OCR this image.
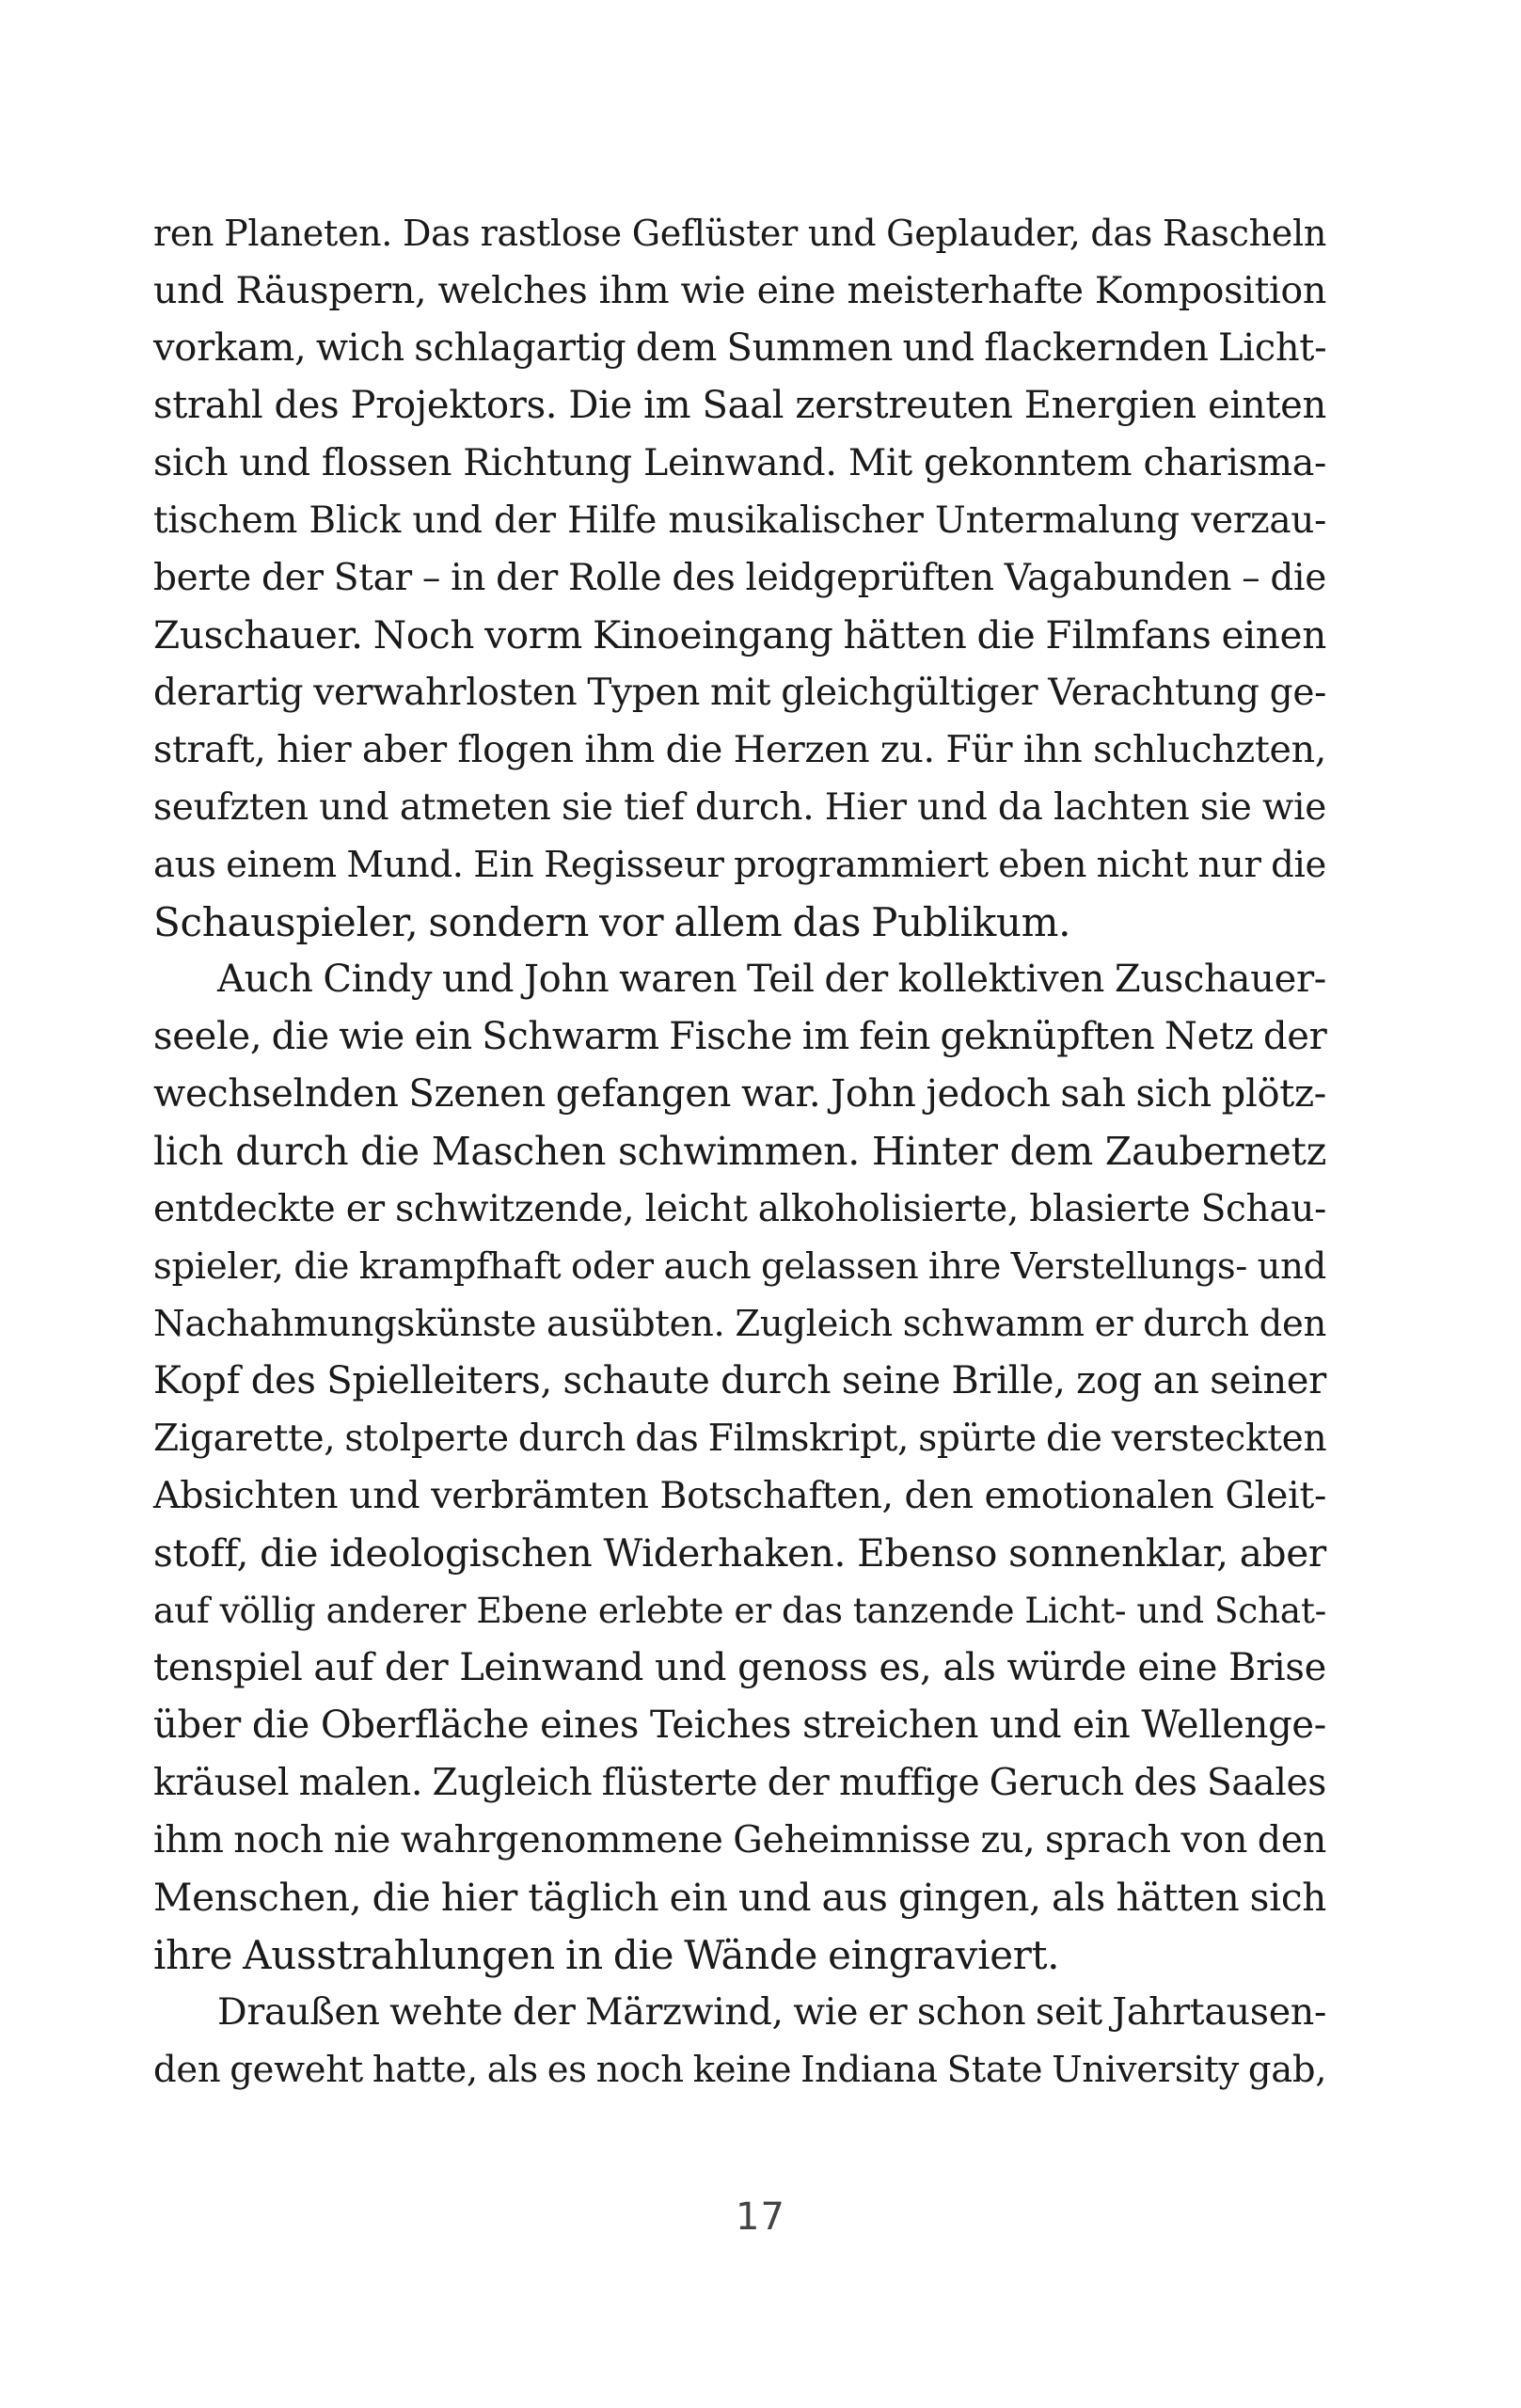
ren Planeten. Das rastlose Geflüster und Geplauder, das Rascheln
und Räuspern, welches ihm wie eine meisterhafte Komposition
vorkam, wich schlagartig dem Summen und flackernden Licht-
strahl des Projektors. Die im Saal zerstreuten Energien einten
sich und flossen Richtung Leinwand. Mit gekonntem charisma-
tischem Blick und der Hilfe musikalischer Untermalung verzau-
berte der Star – in der Rolle des leidgeprüften Vagabunden – die
Zuschauer. Noch vorm Kinoeingang hätten die Filmfans einen
derartig verwahrlosten Typen mit gleichgültiger Verachtung ge-
straft, hier aber flogen ihm die Herzen zu. Für ihn schluchzten,
seufzten und atmeten sie tief durch. Hier und da lachten sie wie
aus einem Mund. Ein Regisseur programmiert eben nicht nur die
Schauspieler, sondern vor allem das Publikum.
Auch Cindy und John waren Teil der kollektiven Zuschauer-
seele, die wie ein Schwarm Fische im fein geknüpften Netz der
wechselnden Szenen gefangen war. John jedoch sah sich plötz-
lich durch die Maschen schwimmen. Hinter dem Zaubernetz
entdeckte er schwitzende, leicht alkoholisierte, blasierte Schau-
spieler, die krampfhaft oder auch gelassen ihre Verstellungs- und
Nachahmungskünste ausübten. Zugleich schwamm er durch den
Kopf des Spielleiters, schaute durch seine Brille, zog an seiner
Zigarette, stolperte durch das Filmskript, spürte die versteckten
Absichten und verbrämten Botschaften, den emotionalen Gleit-
stoff, die ideologischen Widerhaken. Ebenso sonnenklar, aber
auf völlig anderer Ebene erlebte er das tanzende Licht- und Schat-
tenspiel auf der Leinwand und genoss es, als würde eine Brise
über die Oberfläche eines Teiches streichen und ein Wellenge-
kräusel malen. Zugleich flüsterte der muffige Geruch des Saales
ihm noch nie wahrgenommene Geheimnisse zu, sprach von den
Menschen, die hier täglich ein und aus gingen, als hätten sich
ihre Ausstrahlungen in die Wände eingraviert.
Draußen wehte der Märzwind, wie er schon seit Jahrtausen-
den geweht hatte, als es noch keine Indiana State University gab,
17
